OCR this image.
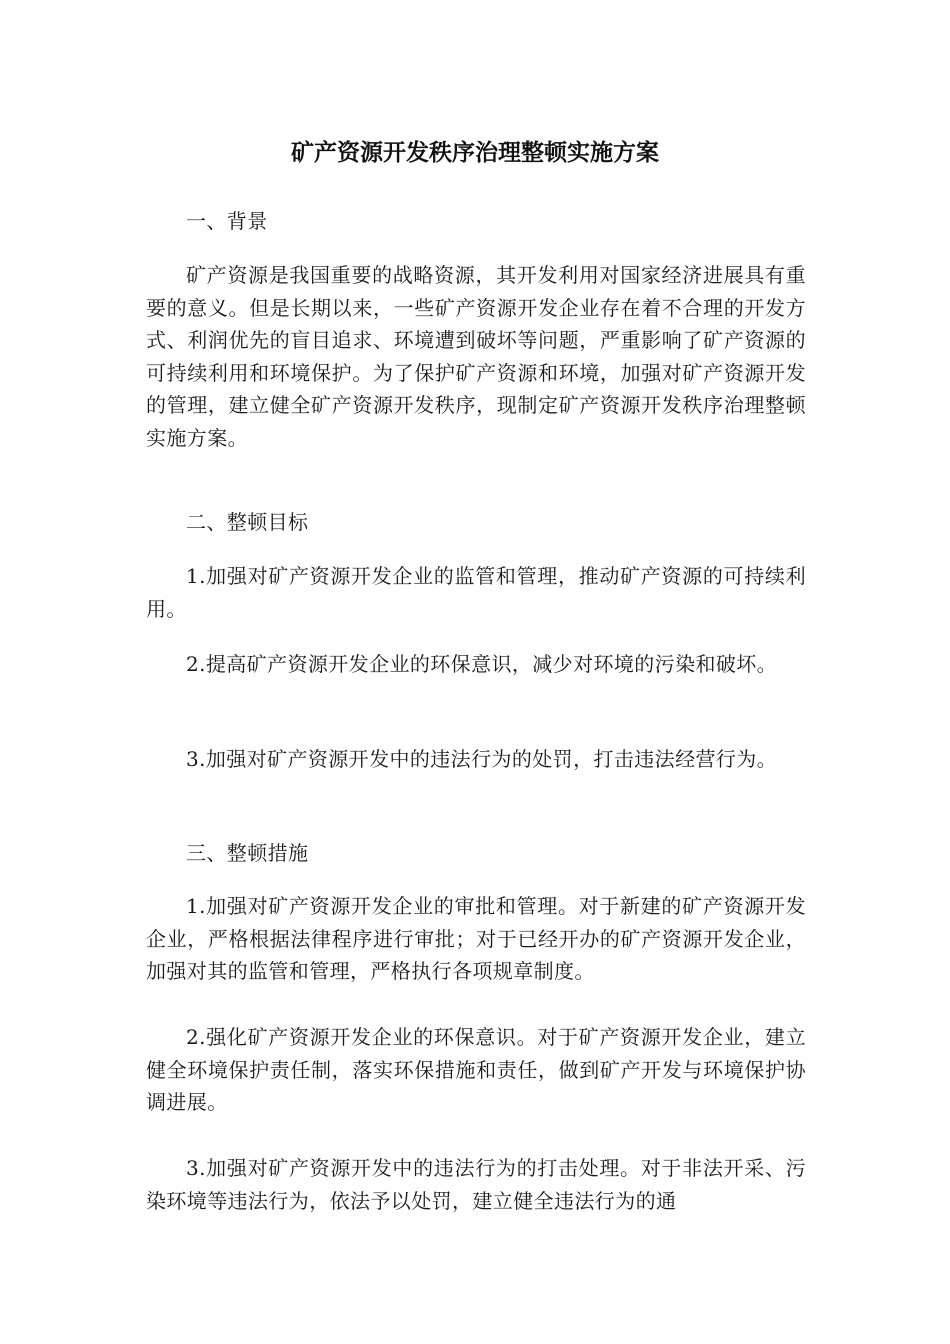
矿产资源开发秩序治理整顿实施方案

一、背景

矿产资源是我国重要的战略资源，其开发利用对国家经济进展具有重要的意义。但是长期以来，一些矿产资源开发企业存在着不合理的开发方式、利润优先的盲目追求、环境遭到破坏等问题，严重影响了矿产资源的可持续利用和环境保护。为了保护矿产资源和环境，加强对矿产资源开发的管理，建立健全矿产资源开发秩序，现制定矿产资源开发秩序治理整顿实施方案。

二、整顿目标

1.加强对矿产资源开发企业的监管和管理，推动矿产资源的可持续利用。

2.提高矿产资源开发企业的环保意识，减少对环境的污染和破坏。

3.加强对矿产资源开发中的违法行为的处罚，打击违法经营行为。

三、整顿措施

1.加强对矿产资源开发企业的审批和管理。对于新建的矿产资源开发企业，严格根据法律程序进行审批；对于已经开办的矿产资源开发企业，加强对其的监管和管理，严格执行各项规章制度。

2.强化矿产资源开发企业的环保意识。对于矿产资源开发企业，建立健全环境保护责任制，落实环保措施和责任，做到矿产开发与环境保护协调进展。

3.加强对矿产资源开发中的违法行为的打击处理。对于非法开采、污染环境等违法行为，依法予以处罚，建立健全违法行为的通
